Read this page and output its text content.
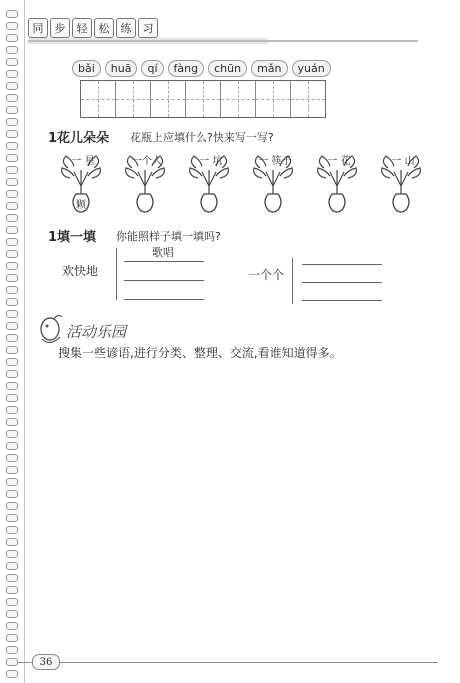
同	步	轻	松	练	习
bǎi	huā	qí	fàng	chūn	mǎn	yuán
1花儿朵朵 花瓶上应填什么?快来写一写?
一 星
颗
一个人	一 坑	一 筷子	一 花	一 山
1填一填 你能照样子填一填吗?
欢快地
歌唱
一个个
活动乐园
搜集一些谚语,进行分类、整理、交流,看谁知道得多。
36
